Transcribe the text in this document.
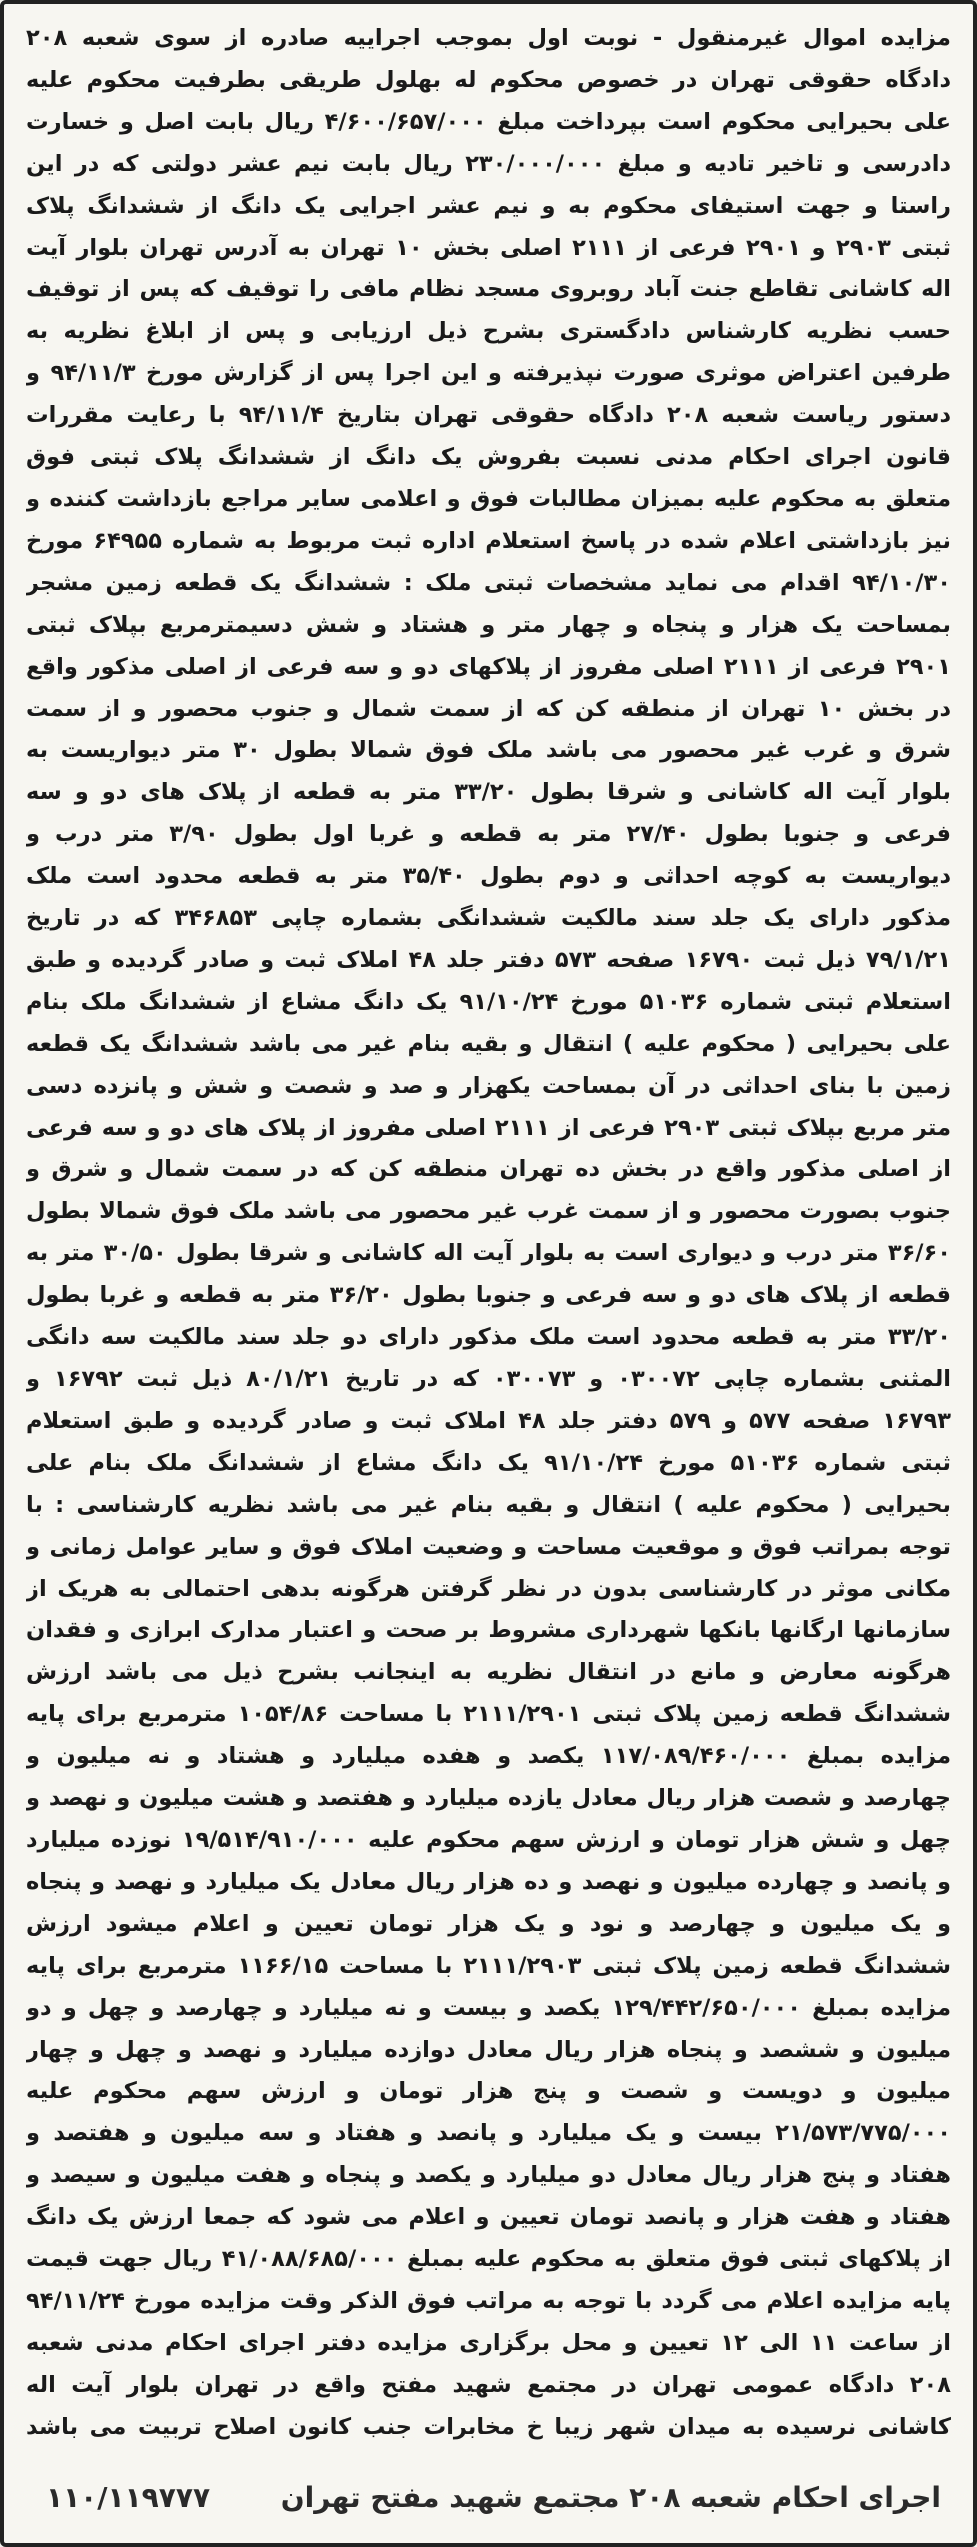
مزایده اموال غیرمنقول - نوبت اول بموجب اجراییه صادره از سوی شعبه ۲۰۸ دادگاه حقوقی تهران در خصوص محکوم له بهلول طریقی بطرفیت محکوم علیه علی بحیرایی محکوم است بپرداخت مبلغ ۴/۶۰۰/۶۵۷/۰۰۰ ریال بابت اصل و خسارت دادرسی و تاخیر تادیه و مبلغ ۲۳۰/۰۰۰/۰۰۰ ریال بابت نیم عشر دولتی که در این راستا و جهت استیفای محکوم به و نیم عشر اجرایی یک دانگ از ششدانگ پلاک ثبتی ۲۹۰۳ و ۲۹۰۱ فرعی از ۲۱۱۱ اصلی بخش ۱۰ تهران به آدرس تهران بلوار آیت اله کاشانی تقاطع جنت آباد روبروی مسجد نظام مافی را توقیف که پس از توقیف حسب نظریه کارشناس دادگستری بشرح ذیل ارزیابی و پس از ابلاغ نظریه به طرفین اعتراض موثری صورت نپذیرفته و این اجرا پس از گزارش مورخ ۹۴/۱۱/۳ و دستور ریاست شعبه ۲۰۸ دادگاه حقوقی تهران بتاریخ ۹۴/۱۱/۴ با رعایت مقررات قانون اجرای احکام مدنی نسبت بفروش یک دانگ از ششدانگ پلاک ثبتی فوق متعلق به محکوم علیه بمیزان مطالبات فوق و اعلامی سایر مراجع بازداشت کننده و نیز بازداشتی اعلام شده در پاسخ استعلام اداره ثبت مربوط به شماره ۶۴۹۵۵ مورخ ۹۴/۱۰/۳۰ اقدام می نماید مشخصات ثبتی ملک : ششدانگ یک قطعه زمین مشجر بمساحت یک هزار و پنجاه و چهار متر و هشتاد و شش دسیمترمربع بپلاک ثبتی ۲۹۰۱ فرعی از ۲۱۱۱ اصلی مفروز از پلاکهای دو و سه فرعی از اصلی مذکور واقع در بخش ۱۰ تهران از منطقه کن که از سمت شمال و جنوب محصور و از سمت شرق و غرب غیر محصور می باشد ملک فوق شمالا بطول ۳۰ متر دیواریست به بلوار آیت اله کاشانی و شرقا بطول ۳۳/۲۰ متر به قطعه از پلاک های دو و سه فرعی و جنوبا بطول ۲۷/۴۰ متر به قطعه و غربا اول بطول ۳/۹۰ متر درب و دیواریست به کوچه احداثی و دوم بطول ۳۵/۴۰ متر به قطعه محدود است ملک مذکور دارای یک جلد سند مالکیت ششدانگی بشماره چاپی ۳۴۶۸۵۳ که در تاریخ ۷۹/۱/۲۱ ذیل ثبت ۱۶۷۹۰ صفحه ۵۷۳ دفتر جلد ۴۸ املاک ثبت و صادر گردیده و طبق استعلام ثبتی شماره ۵۱۰۳۶ مورخ ۹۱/۱۰/۲۴ یک دانگ مشاع از ششدانگ ملک بنام علی بحیرایی ( محکوم علیه ) انتقال و بقیه بنام غیر می باشد ششدانگ یک قطعه زمین با بنای احداثی در آن بمساحت یکهزار و صد و شصت و شش و پانزده دسی متر مربع بپلاک ثبتی ۲۹۰۳ فرعی از ۲۱۱۱ اصلی مفروز از پلاک های دو و سه فرعی از اصلی مذکور واقع در بخش ده تهران منطقه کن که در سمت شمال و شرق و جنوب بصورت محصور و از سمت غرب غیر محصور می باشد ملک فوق شمالا بطول ۳۶/۶۰ متر درب و دیواری است به بلوار آیت اله کاشانی و شرقا بطول ۳۰/۵۰ متر به قطعه از پلاک های دو و سه فرعی و جنوبا بطول ۳۶/۲۰ متر به قطعه و غربا بطول ۳۳/۲۰ متر به قطعه محدود است ملک مذکور دارای دو جلد سند مالکیت سه دانگی المثنی بشماره چاپی ۰۳۰۰۷۲ و ۰۳۰۰۷۳ که در تاریخ ۸۰/۱/۲۱ ذیل ثبت ۱۶۷۹۲ و ۱۶۷۹۳ صفحه ۵۷۷ و ۵۷۹ دفتر جلد ۴۸ املاک ثبت و صادر گردیده و طبق استعلام ثبتی شماره ۵۱۰۳۶ مورخ ۹۱/۱۰/۲۴ یک دانگ مشاع از ششدانگ ملک بنام علی بحیرایی ( محکوم علیه ) انتقال و بقیه بنام غیر می باشد نظریه کارشناسی : با توجه بمراتب فوق و موقعیت مساحت و وضعیت املاک فوق و سایر عوامل زمانی و مکانی موثر در کارشناسی بدون در نظر گرفتن هرگونه بدهی احتمالی به هریک از سازمانها ارگانها بانکها شهرداری مشروط بر صحت و اعتبار مدارک ابرازی و فقدان هرگونه معارض و مانع در انتقال نظریه به اینجانب بشرح ذیل می باشد ارزش ششدانگ قطعه زمین پلاک ثبتی ۲۱۱۱/۲۹۰۱ با مساحت ۱۰۵۴/۸۶ مترمربع برای پایه مزایده بمبلغ ۱۱۷/۰۸۹/۴۶۰/۰۰۰ یکصد و هفده میلیارد و هشتاد و نه میلیون و چهارصد و شصت هزار ریال معادل یازده میلیارد و هفتصد و هشت میلیون و نهصد و چهل و شش هزار تومان و ارزش سهم محکوم علیه ۱۹/۵۱۴/۹۱۰/۰۰۰ نوزده میلیارد و پانصد و چهارده میلیون و نهصد و ده هزار ریال معادل یک میلیارد و نهصد و پنجاه و یک میلیون و چهارصد و نود و یک هزار تومان تعیین و اعلام میشود ارزش ششدانگ قطعه زمین پلاک ثبتی ۲۱۱۱/۲۹۰۳ با مساحت ۱۱۶۶/۱۵ مترمربع برای پایه مزایده بمبلغ ۱۲۹/۴۴۲/۶۵۰/۰۰۰ یکصد و بیست و نه میلیارد و چهارصد و چهل و دو میلیون و ششصد و پنجاه هزار ریال معادل دوازده میلیارد و نهصد و چهل و چهار میلیون و دویست و شصت و پنج هزار تومان و ارزش سهم محکوم علیه ۲۱/۵۷۳/۷۷۵/۰۰۰ بیست و یک میلیارد و پانصد و هفتاد و سه میلیون و هفتصد و هفتاد و پنج هزار ریال معادل دو میلیارد و یکصد و پنجاه و هفت میلیون و سیصد و هفتاد و هفت هزار و پانصد تومان تعیین و اعلام می شود که جمعا ارزش یک دانگ از پلاکهای ثبتی فوق متعلق به محکوم علیه بمبلغ ۴۱/۰۸۸/۶۸۵/۰۰۰ ریال جهت قیمت پایه مزایده اعلام می گردد با توجه به مراتب فوق الذکر وقت مزایده مورخ ۹۴/۱۱/۲۴ از ساعت ۱۱ الی ۱۲ تعیین و محل برگزاری مزایده دفتر اجرای احکام مدنی شعبه ۲۰۸ دادگاه عمومی تهران در مجتمع شهید مفتح واقع در تهران بلوار آیت اله کاشانی نرسیده به میدان شهر زیبا خ مخابرات جنب کانون اصلاح تربیت می باشد

اجرای احکام شعبه ۲۰۸ مجتمع شهید مفتح تهران
۱۱۰/۱۱۹۷۷۷
